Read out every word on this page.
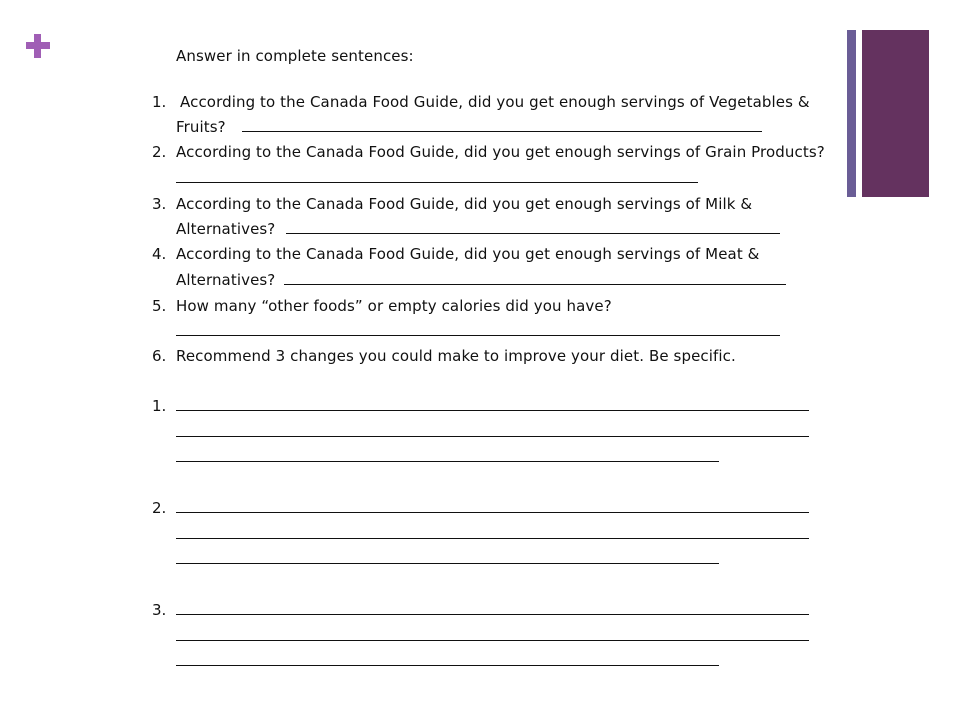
Answer in complete sentences:
1. According to the Canada Food Guide, did you get enough servings of Vegetables &
Fruits?
2. According to the Canada Food Guide, did you get enough servings of Grain Products?
3. According to the Canada Food Guide, did you get enough servings of Milk &
Alternatives?
4. According to the Canada Food Guide, did you get enough servings of Meat &
Alternatives?
5. How many “other foods” or empty calories did you have?
6. Recommend 3 changes you could make to improve your diet. Be specific.
1.
2.
3.
